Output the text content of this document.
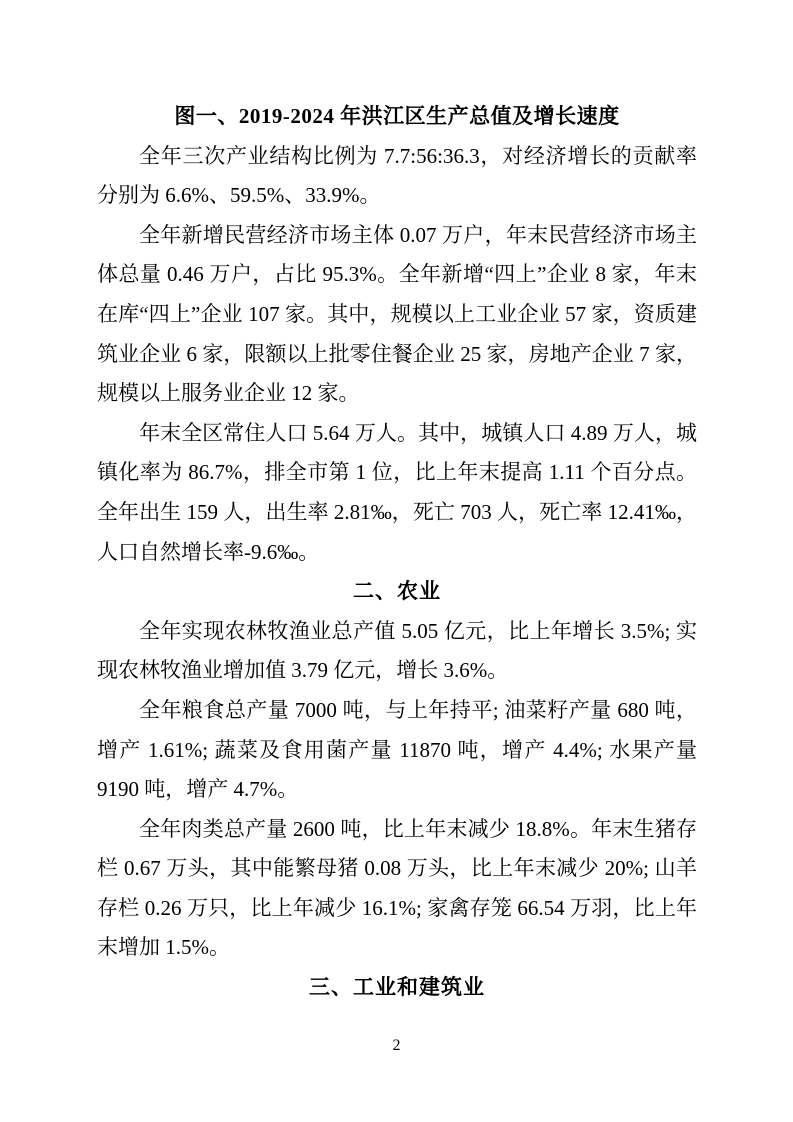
图一、2019-2024 年洪江区生产总值及增长速度
全年三次产业结构比例为 7.7:56:36.3，对经济增长的贡献率分别为 6.6%、59.5%、33.9%。
全年新增民营经济市场主体 0.07 万户，年末民营经济市场主体总量 0.46 万户，占比 95.3%。全年新增“四上”企业 8 家，年末在库“四上”企业 107 家。其中，规模以上工业企业 57 家，资质建筑业企业 6 家，限额以上批零住餐企业 25 家，房地产企业 7 家，规模以上服务业企业 12 家。
年末全区常住人口 5.64 万人。其中，城镇人口 4.89 万人，城镇化率为 86.7%，排全市第 1 位，比上年末提高 1.11 个百分点。全年出生 159 人，出生率 2.81‰，死亡 703 人，死亡率 12.41‰，人口自然增长率-9.6‰。
二、农业
全年实现农林牧渔业总产值 5.05 亿元，比上年增长 3.5%; 实现农林牧渔业增加值 3.79 亿元，增长 3.6%。
全年粮食总产量 7000 吨，与上年持平; 油菜籽产量 680 吨，增产 1.61%; 蔬菜及食用菌产量 11870 吨，增产 4.4%; 水果产量 9190 吨，增产 4.7%。
全年肉类总产量 2600 吨，比上年末减少 18.8%。年末生猪存栏 0.67 万头，其中能繁母猪 0.08 万头，比上年末减少 20%; 山羊存栏 0.26 万只，比上年减少 16.1%; 家禽存笼 66.54 万羽，比上年末增加 1.5%。
三、工业和建筑业
2
